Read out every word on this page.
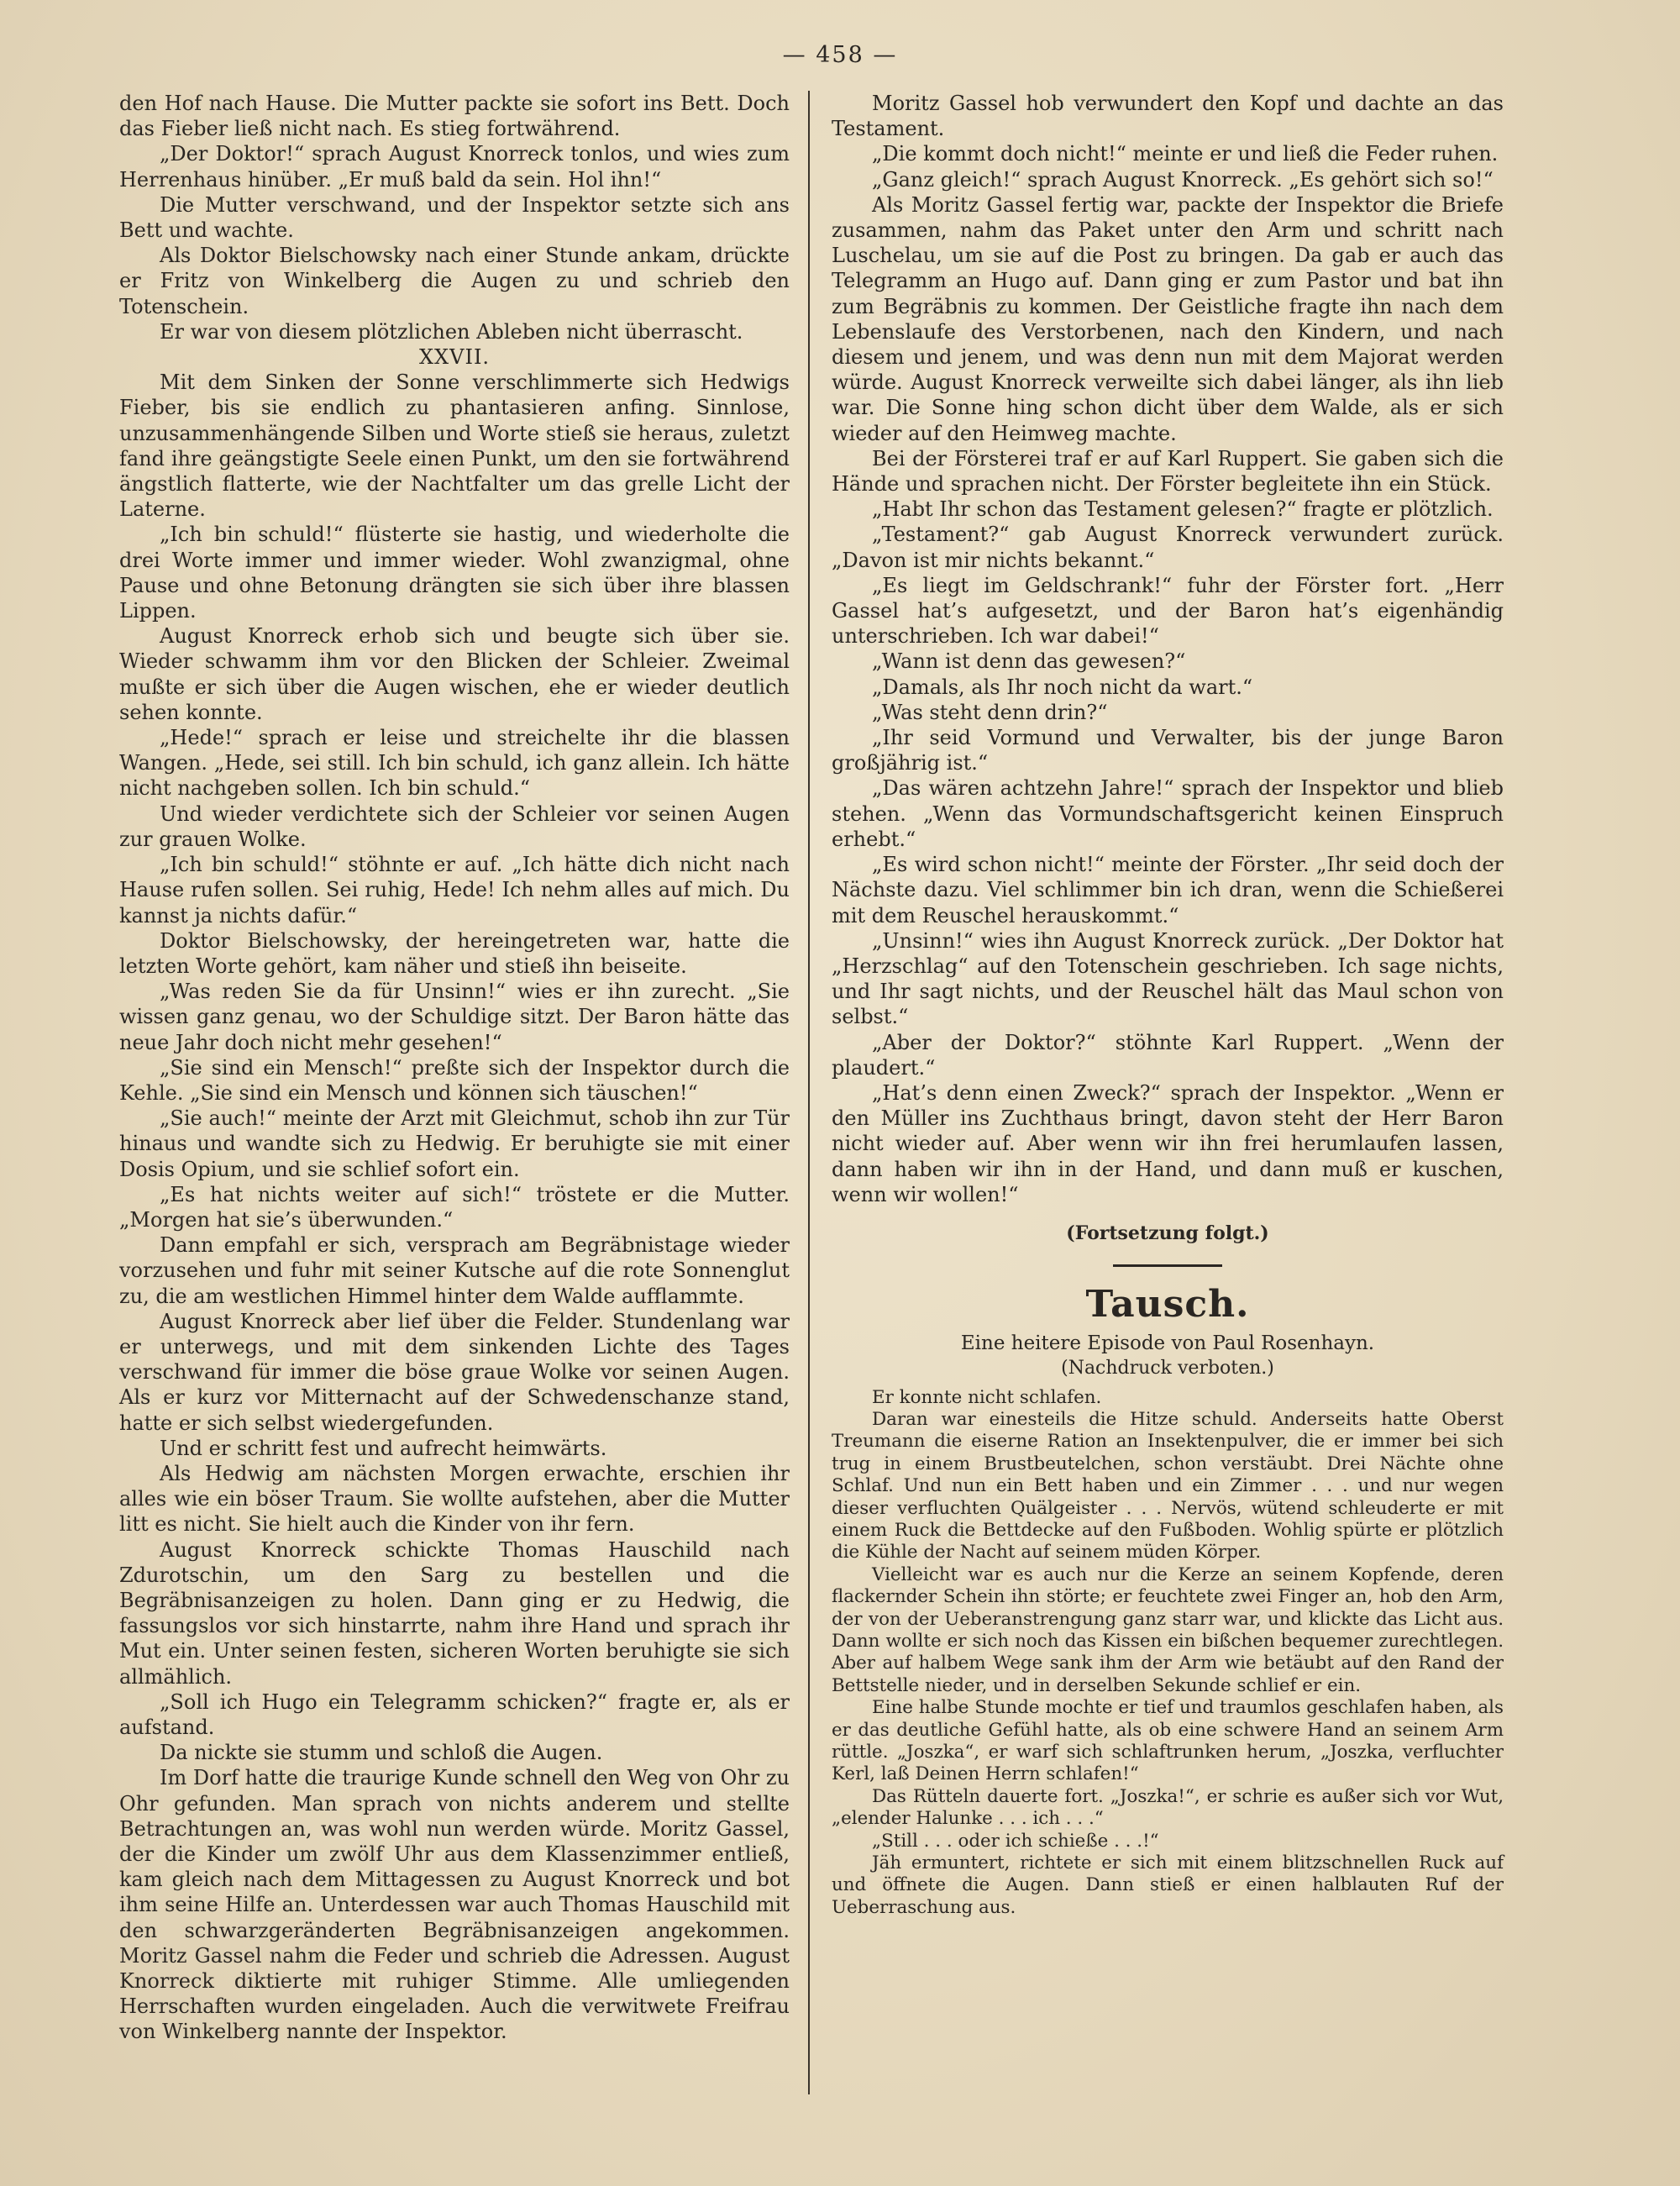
— 458 —

den Hof nach Hause. Die Mutter packte sie sofort ins Bett. Doch das Fieber ließ nicht nach. Es stieg fortwährend.

„Der Doktor!“ sprach August Knorreck tonlos, und wies zum Herrenhaus hinüber. „Er muß bald da sein. Hol ihn!“

Die Mutter verschwand, und der Inspektor setzte sich ans Bett und wachte.

Als Doktor Bielschowsky nach einer Stunde ankam, drückte er Fritz von Winkelberg die Augen zu und schrieb den Totenschein.

Er war von diesem plötzlichen Ableben nicht überrascht.

XXVII.

Mit dem Sinken der Sonne verschlimmerte sich Hedwigs Fieber, bis sie endlich zu phantasieren anfing. Sinnlose, unzusammenhängende Silben und Worte stieß sie heraus, zuletzt fand ihre geängstigte Seele einen Punkt, um den sie fortwährend ängstlich flatterte, wie der Nachtfalter um das grelle Licht der Laterne.

„Ich bin schuld!“ flüsterte sie hastig, und wiederholte die drei Worte immer und immer wieder. Wohl zwanzigmal, ohne Pause und ohne Betonung drängten sie sich über ihre blassen Lippen.

August Knorreck erhob sich und beugte sich über sie. Wieder schwamm ihm vor den Blicken der Schleier. Zweimal mußte er sich über die Augen wischen, ehe er wieder deutlich sehen konnte.

„Hede!“ sprach er leise und streichelte ihr die blassen Wangen. „Hede, sei still. Ich bin schuld, ich ganz allein. Ich hätte nicht nachgeben sollen. Ich bin schuld.“

Und wieder verdichtete sich der Schleier vor seinen Augen zur grauen Wolke.

„Ich bin schuld!“ stöhnte er auf. „Ich hätte dich nicht nach Hause rufen sollen. Sei ruhig, Hede! Ich nehm alles auf mich. Du kannst ja nichts dafür.“

Doktor Bielschowsky, der hereingetreten war, hatte die letzten Worte gehört, kam näher und stieß ihn beiseite.

„Was reden Sie da für Unsinn!“ wies er ihn zurecht. „Sie wissen ganz genau, wo der Schuldige sitzt. Der Baron hätte das neue Jahr doch nicht mehr gesehen!“

„Sie sind ein Mensch!“ preßte sich der Inspektor durch die Kehle. „Sie sind ein Mensch und können sich täuschen!“

„Sie auch!“ meinte der Arzt mit Gleichmut, schob ihn zur Tür hinaus und wandte sich zu Hedwig. Er beruhigte sie mit einer Dosis Opium, und sie schlief sofort ein.

„Es hat nichts weiter auf sich!“ tröstete er die Mutter. „Morgen hat sie’s überwunden.“

Dann empfahl er sich, versprach am Begräbnistage wieder vorzusehen und fuhr mit seiner Kutsche auf die rote Sonnenglut zu, die am westlichen Himmel hinter dem Walde aufflammte.

August Knorreck aber lief über die Felder. Stundenlang war er unterwegs, und mit dem sinkenden Lichte des Tages verschwand für immer die böse graue Wolke vor seinen Augen. Als er kurz vor Mitternacht auf der Schwedenschanze stand, hatte er sich selbst wiedergefunden.

Und er schritt fest und aufrecht heimwärts.

Als Hedwig am nächsten Morgen erwachte, erschien ihr alles wie ein böser Traum. Sie wollte aufstehen, aber die Mutter litt es nicht. Sie hielt auch die Kinder von ihr fern.

August Knorreck schickte Thomas Hauschild nach Zdurotschin, um den Sarg zu bestellen und die Begräbnisanzeigen zu holen. Dann ging er zu Hedwig, die fassungslos vor sich hinstarrte, nahm ihre Hand und sprach ihr Mut ein. Unter seinen festen, sicheren Worten beruhigte sie sich allmählich.

„Soll ich Hugo ein Telegramm schicken?“ fragte er, als er aufstand.

Da nickte sie stumm und schloß die Augen.

Im Dorf hatte die traurige Kunde schnell den Weg von Ohr zu Ohr gefunden. Man sprach von nichts anderem und stellte Betrachtungen an, was wohl nun werden würde. Moritz Gassel, der die Kinder um zwölf Uhr aus dem Klassenzimmer entließ, kam gleich nach dem Mittagessen zu August Knorreck und bot ihm seine Hilfe an. Unterdessen war auch Thomas Hauschild mit den schwarzgeränderten Begräbnisanzeigen angekommen. Moritz Gassel nahm die Feder und schrieb die Adressen. August Knorreck diktierte mit ruhiger Stimme. Alle umliegenden Herrschaften wurden eingeladen. Auch die verwitwete Freifrau von Winkelberg nannte der Inspektor.

Moritz Gassel hob verwundert den Kopf und dachte an das Testament.

„Die kommt doch nicht!“ meinte er und ließ die Feder ruhen.

„Ganz gleich!“ sprach August Knorreck. „Es gehört sich so!“

Als Moritz Gassel fertig war, packte der Inspektor die Briefe zusammen, nahm das Paket unter den Arm und schritt nach Luschelau, um sie auf die Post zu bringen. Da gab er auch das Telegramm an Hugo auf. Dann ging er zum Pastor und bat ihn zum Begräbnis zu kommen. Der Geistliche fragte ihn nach dem Lebenslaufe des Verstorbenen, nach den Kindern, und nach diesem und jenem, und was denn nun mit dem Majorat werden würde. August Knorreck verweilte sich dabei länger, als ihn lieb war. Die Sonne hing schon dicht über dem Walde, als er sich wieder auf den Heimweg machte.

Bei der Försterei traf er auf Karl Ruppert. Sie gaben sich die Hände und sprachen nicht. Der Förster begleitete ihn ein Stück.

„Habt Ihr schon das Testament gelesen?“ fragte er plötzlich.

„Testament?“ gab August Knorreck verwundert zurück. „Davon ist mir nichts bekannt.“

„Es liegt im Geldschrank!“ fuhr der Förster fort. „Herr Gassel hat’s aufgesetzt, und der Baron hat’s eigenhändig unterschrieben. Ich war dabei!“

„Wann ist denn das gewesen?“

„Damals, als Ihr noch nicht da wart.“

„Was steht denn drin?“

„Ihr seid Vormund und Verwalter, bis der junge Baron großjährig ist.“

„Das wären achtzehn Jahre!“ sprach der Inspektor und blieb stehen. „Wenn das Vormundschaftsgericht keinen Einspruch erhebt.“

„Es wird schon nicht!“ meinte der Förster. „Ihr seid doch der Nächste dazu. Viel schlimmer bin ich dran, wenn die Schießerei mit dem Reuschel herauskommt.“

„Unsinn!“ wies ihn August Knorreck zurück. „Der Doktor hat „Herzschlag“ auf den Totenschein geschrieben. Ich sage nichts, und Ihr sagt nichts, und der Reuschel hält das Maul schon von selbst.“

„Aber der Doktor?“ stöhnte Karl Ruppert. „Wenn der plaudert.“

„Hat’s denn einen Zweck?“ sprach der Inspektor. „Wenn er den Müller ins Zuchthaus bringt, davon steht der Herr Baron nicht wieder auf. Aber wenn wir ihn frei herumlaufen lassen, dann haben wir ihn in der Hand, und dann muß er kuschen, wenn wir wollen!“

(Fortsetzung folgt.)
Tausch.
Eine heitere Episode von Paul Rosenhayn.
(Nachdruck verboten.)

Er konnte nicht schlafen.

Daran war einesteils die Hitze schuld. Anderseits hatte Oberst Treumann die eiserne Ration an Insektenpulver, die er immer bei sich trug in einem Brustbeutelchen, schon verstäubt. Drei Nächte ohne Schlaf. Und nun ein Bett haben und ein Zimmer . . . und nur wegen dieser verfluchten Quälgeister . . . Nervös, wütend schleuderte er mit einem Ruck die Bettdecke auf den Fußboden. Wohlig spürte er plötzlich die Kühle der Nacht auf seinem müden Körper.

Vielleicht war es auch nur die Kerze an seinem Kopfende, deren flackernder Schein ihn störte; er feuchtete zwei Finger an, hob den Arm, der von der Ueberanstrengung ganz starr war, und klickte das Licht aus. Dann wollte er sich noch das Kissen ein bißchen bequemer zurechtlegen. Aber auf halbem Wege sank ihm der Arm wie betäubt auf den Rand der Bettstelle nieder, und in derselben Sekunde schlief er ein.

Eine halbe Stunde mochte er tief und traumlos geschlafen haben, als er das deutliche Gefühl hatte, als ob eine schwere Hand an seinem Arm rüttle. „Joszka“, er warf sich schlaftrunken herum, „Joszka, verfluchter Kerl, laß Deinen Herrn schlafen!“

Das Rütteln dauerte fort. „Joszka!“, er schrie es außer sich vor Wut, „elender Halunke . . . ich . . .“

„Still . . . oder ich schieße . . .!“

Jäh ermuntert, richtete er sich mit einem blitzschnellen Ruck auf und öffnete die Augen. Dann stieß er einen halblauten Ruf der Ueberraschung aus.
